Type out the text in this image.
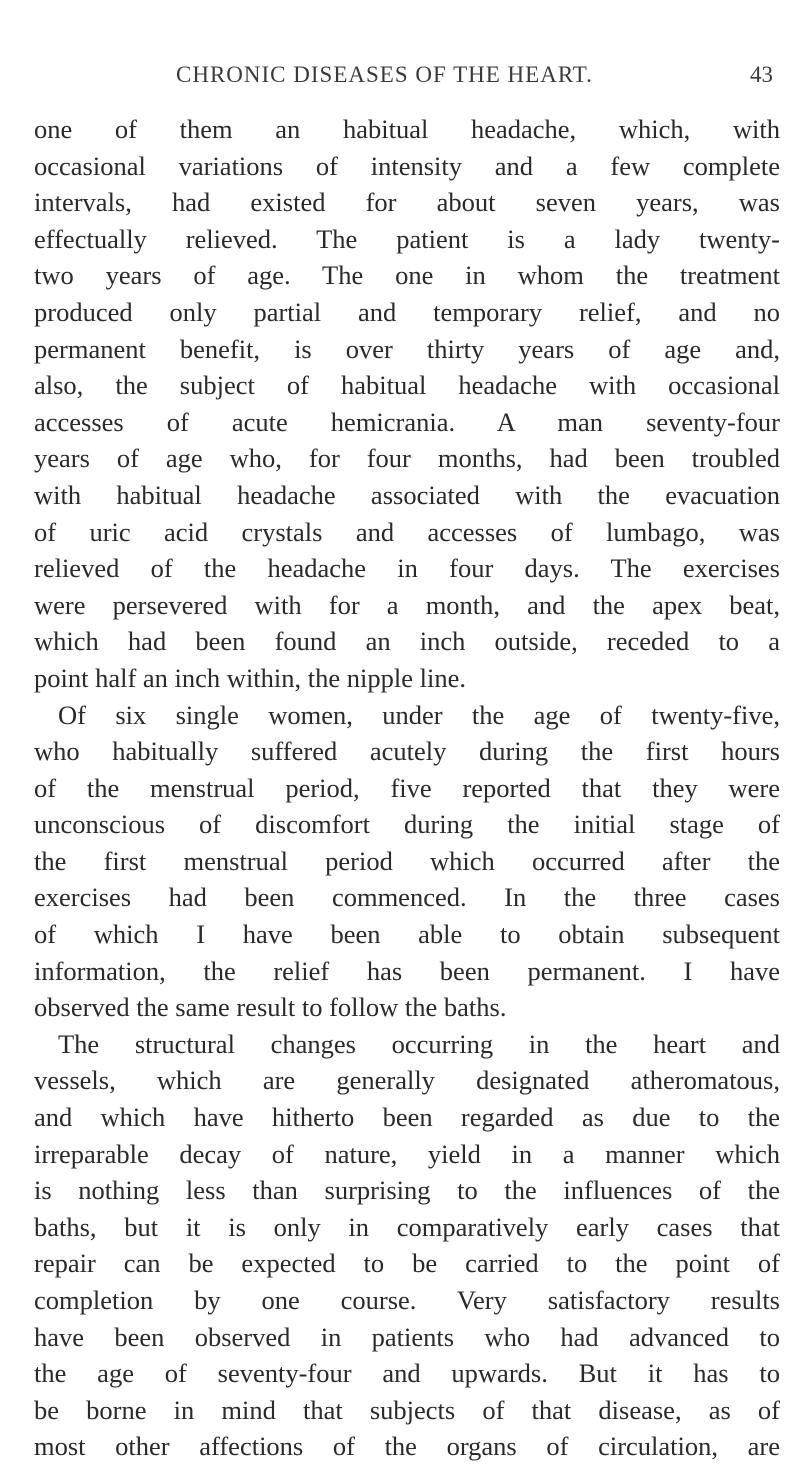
CHRONIC DISEASES OF THE HEART.	43
one of them an habitual headache, which, with
occasional variations of intensity and a few complete
intervals, had existed for about seven years, was
effectually relieved. The patient is a lady twenty-
two years of age. The one in whom the treatment
produced only partial and temporary relief, and no
permanent benefit, is over thirty years of age and,
also, the subject of habitual headache with occasional
accesses of acute hemicrania. A man seventy-four
years of age who, for four months, had been troubled
with habitual headache associated with the evacuation
of uric acid crystals and accesses of lumbago, was
relieved of the headache in four days. The exercises
were persevered with for a month, and the apex beat,
which had been found an inch outside, receded to a
point half an inch within, the nipple line.
Of six single women, under the age of twenty-five,
who habitually suffered acutely during the first hours
of the menstrual period, five reported that they were
unconscious of discomfort during the initial stage of
the first menstrual period which occurred after the
exercises had been commenced. In the three cases
of which I have been able to obtain subsequent
information, the relief has been permanent. I have
observed the same result to follow the baths.
The structural changes occurring in the heart and
vessels, which are generally designated atheromatous,
and which have hitherto been regarded as due to the
irreparable decay of nature, yield in a manner which
is nothing less than surprising to the influences of the
baths, but it is only in comparatively early cases that
repair can be expected to be carried to the point of
completion by one course. Very satisfactory results
have been observed in patients who had advanced to
the age of seventy-four and upwards. But it has to
be borne in mind that subjects of that disease, as of
most other affections of the organs of circulation, are
